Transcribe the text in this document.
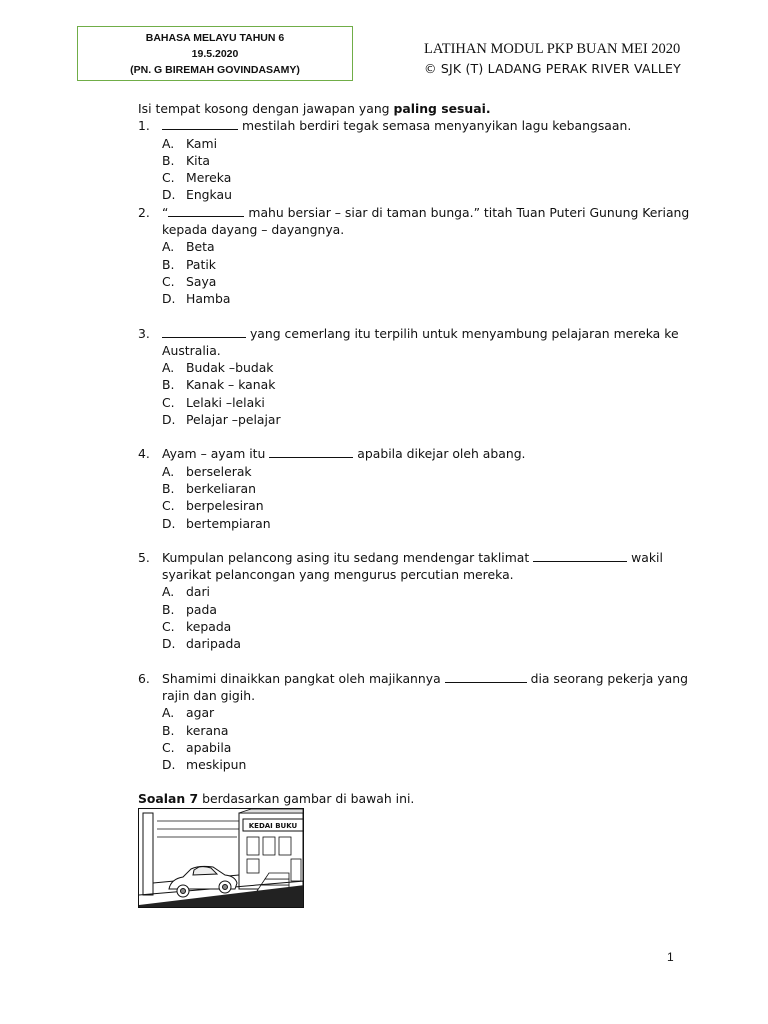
BAHASA MELAYU TAHUN 6
19.5.2020
(PN. G BIREMAH GOVINDASAMY)
LATIHAN MODUL PKP BUAN MEI 2020
© SJK (T) LADANG PERAK RIVER VALLEY

Isi tempat kosong dengan jawapan yang paling sesuai.

1.	mestilah berdiri tegak semasa menyanyikan lagu kebangsaan.
A. Kami
B. Kita
C. Mereka
D. Engkau
2. “	mahu bersiar – siar di taman bunga.” titah Tuan Puteri Gunung Keriang kepada dayang – dayangnya.
A. Beta
B. Patik
C. Saya
D. Hamba
3.	yang cemerlang itu terpilih untuk menyambung pelajaran mereka ke Australia.
A. Budak –budak
B. Kanak – kanak
C. Lelaki –lelaki
D. Pelajar –pelajar
4. Ayam – ayam itu	apabila dikejar oleh abang.
A. berselerak
B. berkeliaran
C. berpelesiran
D. bertempiaran
5. Kumpulan pelancong asing itu sedang mendengar taklimat	wakil syarikat pelancongan yang mengurus percutian mereka.
A. dari
B. pada
C. kepada
D. daripada
6. Shamimi dinaikkan pangkat oleh majikannya	dia seorang pekerja yang rajin dan gigih.
A. agar
B. kerana
C. apabila
D. meskipun

Soalan 7 berdasarkan gambar di bawah ini.

KEDAI BUKU
1
